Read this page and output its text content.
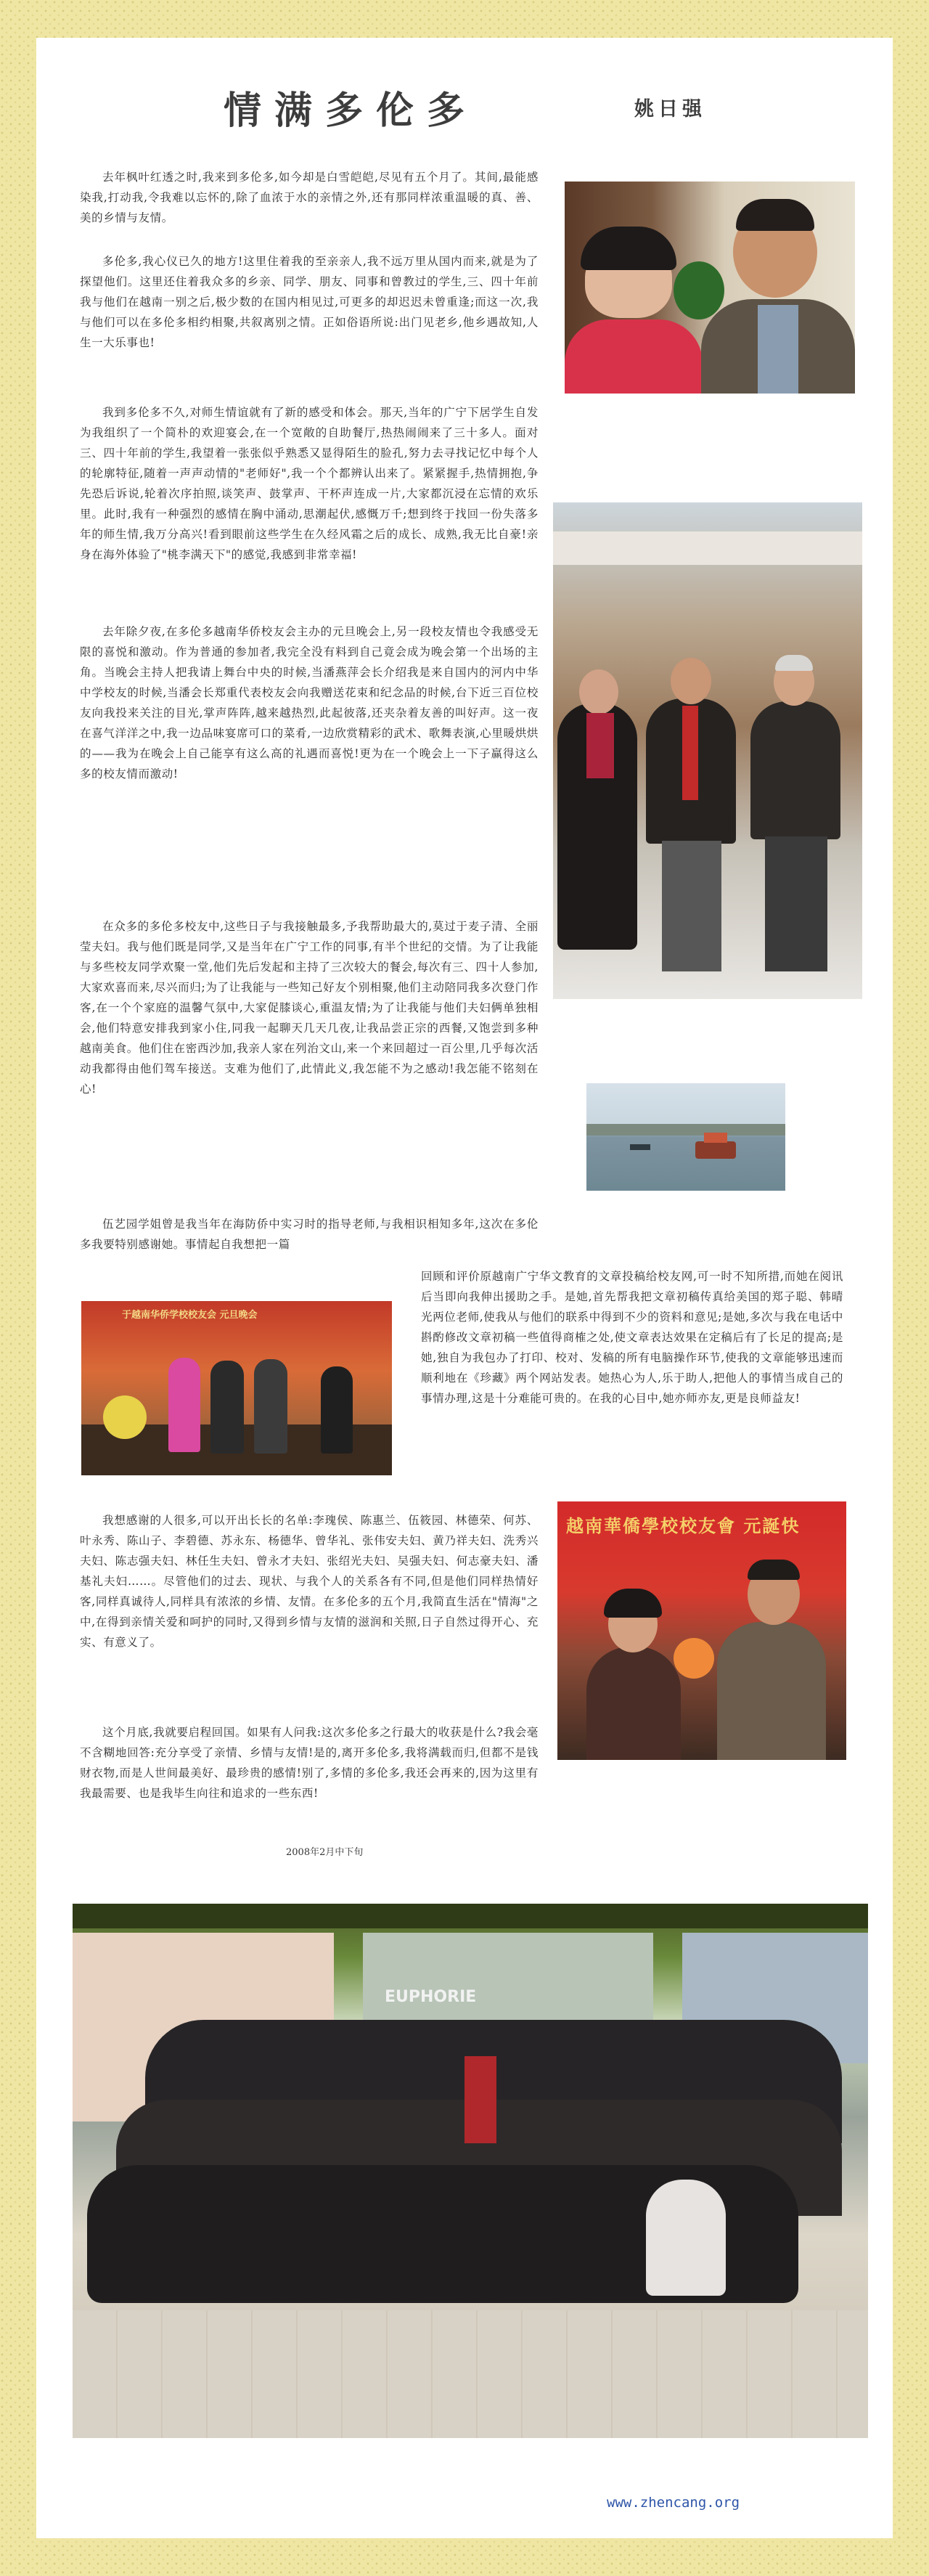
情满多伦多	姚日强

去年枫叶红透之时,我来到多伦多,如今却是白雪皑皑,尽见有五个月了。其间,最能感染我,打动我,令我难以忘怀的,除了血浓于水的亲情之外,还有那同样浓重温暖的真、善、美的乡情与友情。

多伦多,我心仪已久的地方!这里住着我的至亲亲人,我不远万里从国内而来,就是为了探望他们。这里还住着我众多的乡亲、同学、朋友、同事和曾教过的学生,三、四十年前我与他们在越南一别之后,极少数的在国内相见过,可更多的却迟迟未曾重逢;而这一次,我与他们可以在多伦多相约相聚,共叙离别之情。正如俗语所说:出门见老乡,他乡遇故知,人生一大乐事也!

我到多伦多不久,对师生情谊就有了新的感受和体会。那天,当年的广宁下居学生自发为我组织了一个简朴的欢迎宴会,在一个宽敞的自助餐厅,热热闹闹来了三十多人。面对三、四十年前的学生,我望着一张张似乎熟悉又显得陌生的脸孔,努力去寻找记忆中每个人的轮廓特征,随着一声声动情的"老师好",我一个个都辨认出来了。紧紧握手,热情拥抱,争先恐后诉说,轮着次序拍照,谈笑声、鼓掌声、干杯声连成一片,大家都沉浸在忘情的欢乐里。此时,我有一种强烈的感情在胸中涌动,思潮起伏,感慨万千;想到终于找回一份失落多年的师生情,我万分高兴!看到眼前这些学生在久经风霜之后的成长、成熟,我无比自豪!亲身在海外体验了"桃李满天下"的感觉,我感到非常幸福!

去年除夕夜,在多伦多越南华侨校友会主办的元旦晚会上,另一段校友情也令我感受无限的喜悦和激动。作为普通的参加者,我完全没有料到自己竟会成为晚会第一个出场的主角。当晚会主持人把我请上舞台中央的时候,当潘燕萍会长介绍我是来自国内的河内中华中学校友的时候,当潘会长郑重代表校友会向我赠送花束和纪念品的时候,台下近三百位校友向我投来关注的目光,掌声阵阵,越来越热烈,此起彼落,还夹杂着友善的叫好声。这一夜在喜气洋洋之中,我一边品味宴席可口的菜肴,一边欣赏精彩的武术、歌舞表演,心里暖烘烘的——我为在晚会上自己能享有这么高的礼遇而喜悦!更为在一个晚会上一下子赢得这么多的校友情而激动!

在众多的多伦多校友中,这些日子与我接触最多,予我帮助最大的,莫过于麦子清、全丽莹夫妇。我与他们既是同学,又是当年在广宁工作的同事,有半个世纪的交情。为了让我能与多些校友同学欢聚一堂,他们先后发起和主持了三次较大的餐会,每次有三、四十人参加,大家欢喜而来,尽兴而归;为了让我能与一些知己好友个别相聚,他们主动陪同我多次登门作客,在一个个家庭的温馨气氛中,大家促膝谈心,重温友情;为了让我能与他们夫妇俩单独相会,他们特意安排我到家小住,同我一起聊天几天几夜,让我品尝正宗的西餐,又饱尝到多种越南美食。他们住在密西沙加,我亲人家在列治文山,来一个来回超过一百公里,几乎每次活动我都得由他们驾车接送。支难为他们了,此情此义,我怎能不为之感动!我怎能不铭刻在心!

伍艺园学姐曾是我当年在海防侨中实习时的指导老师,与我相识相知多年,这次在多伦多我要特别感谢她。事情起自我想把一篇

回顾和评价原越南广宁华文教育的文章投稿给校友网,可一时不知所措,而她在阅讯后当即向我伸出援助之手。是她,首先帮我把文章初稿传真给美国的郑子聪、韩晴光两位老师,使我从与他们的联系中得到不少的资料和意见;是她,多次与我在电话中斟酌修改文章初稿一些值得商榷之处,使文章表达效果在定稿后有了长足的提高;是她,独自为我包办了打印、校对、发稿的所有电脑操作环节,使我的文章能够迅速而顺利地在《珍藏》两个网站发表。她热心为人,乐于助人,把他人的事情当成自己的事情办理,这是十分难能可贵的。在我的心目中,她亦师亦友,更是良师益友!

我想感谢的人很多,可以开出长长的名单:李瑰侯、陈惠兰、伍筱园、林德荣、何苏、叶永秀、陈山子、李碧德、苏永东、杨德华、曾华礼、张伟安夫妇、黄乃祥夫妇、洗秀兴夫妇、陈志强夫妇、林任生夫妇、曾永才夫妇、张绍光夫妇、吴强夫妇、何志豪夫妇、潘基礼夫妇……。尽管他们的过去、现状、与我个人的关系各有不同,但是他们同样热情好客,同样真诚待人,同样具有浓浓的乡情、友情。在多伦多的五个月,我简直生活在"情海"之中,在得到亲情关爱和呵护的同时,又得到乡情与友情的滋润和关照,日子自然过得开心、充实、有意义了。

这个月底,我就要启程回国。如果有人问我:这次多伦多之行最大的收获是什么?我会毫不含糊地回答:充分享受了亲情、乡情与友情!是的,离开多伦多,我将满载而归,但都不是钱财衣物,而是人世间最美好、最珍贵的感情!别了,多情的多伦多,我还会再来的,因为这里有我最需要、也是我毕生向往和追求的一些东西!

2008年2月中下旬
于越南华侨学校校友会 元旦晚会
越南華僑學校校友會 元誕快
EUPHORIE
www.zhencang.org
